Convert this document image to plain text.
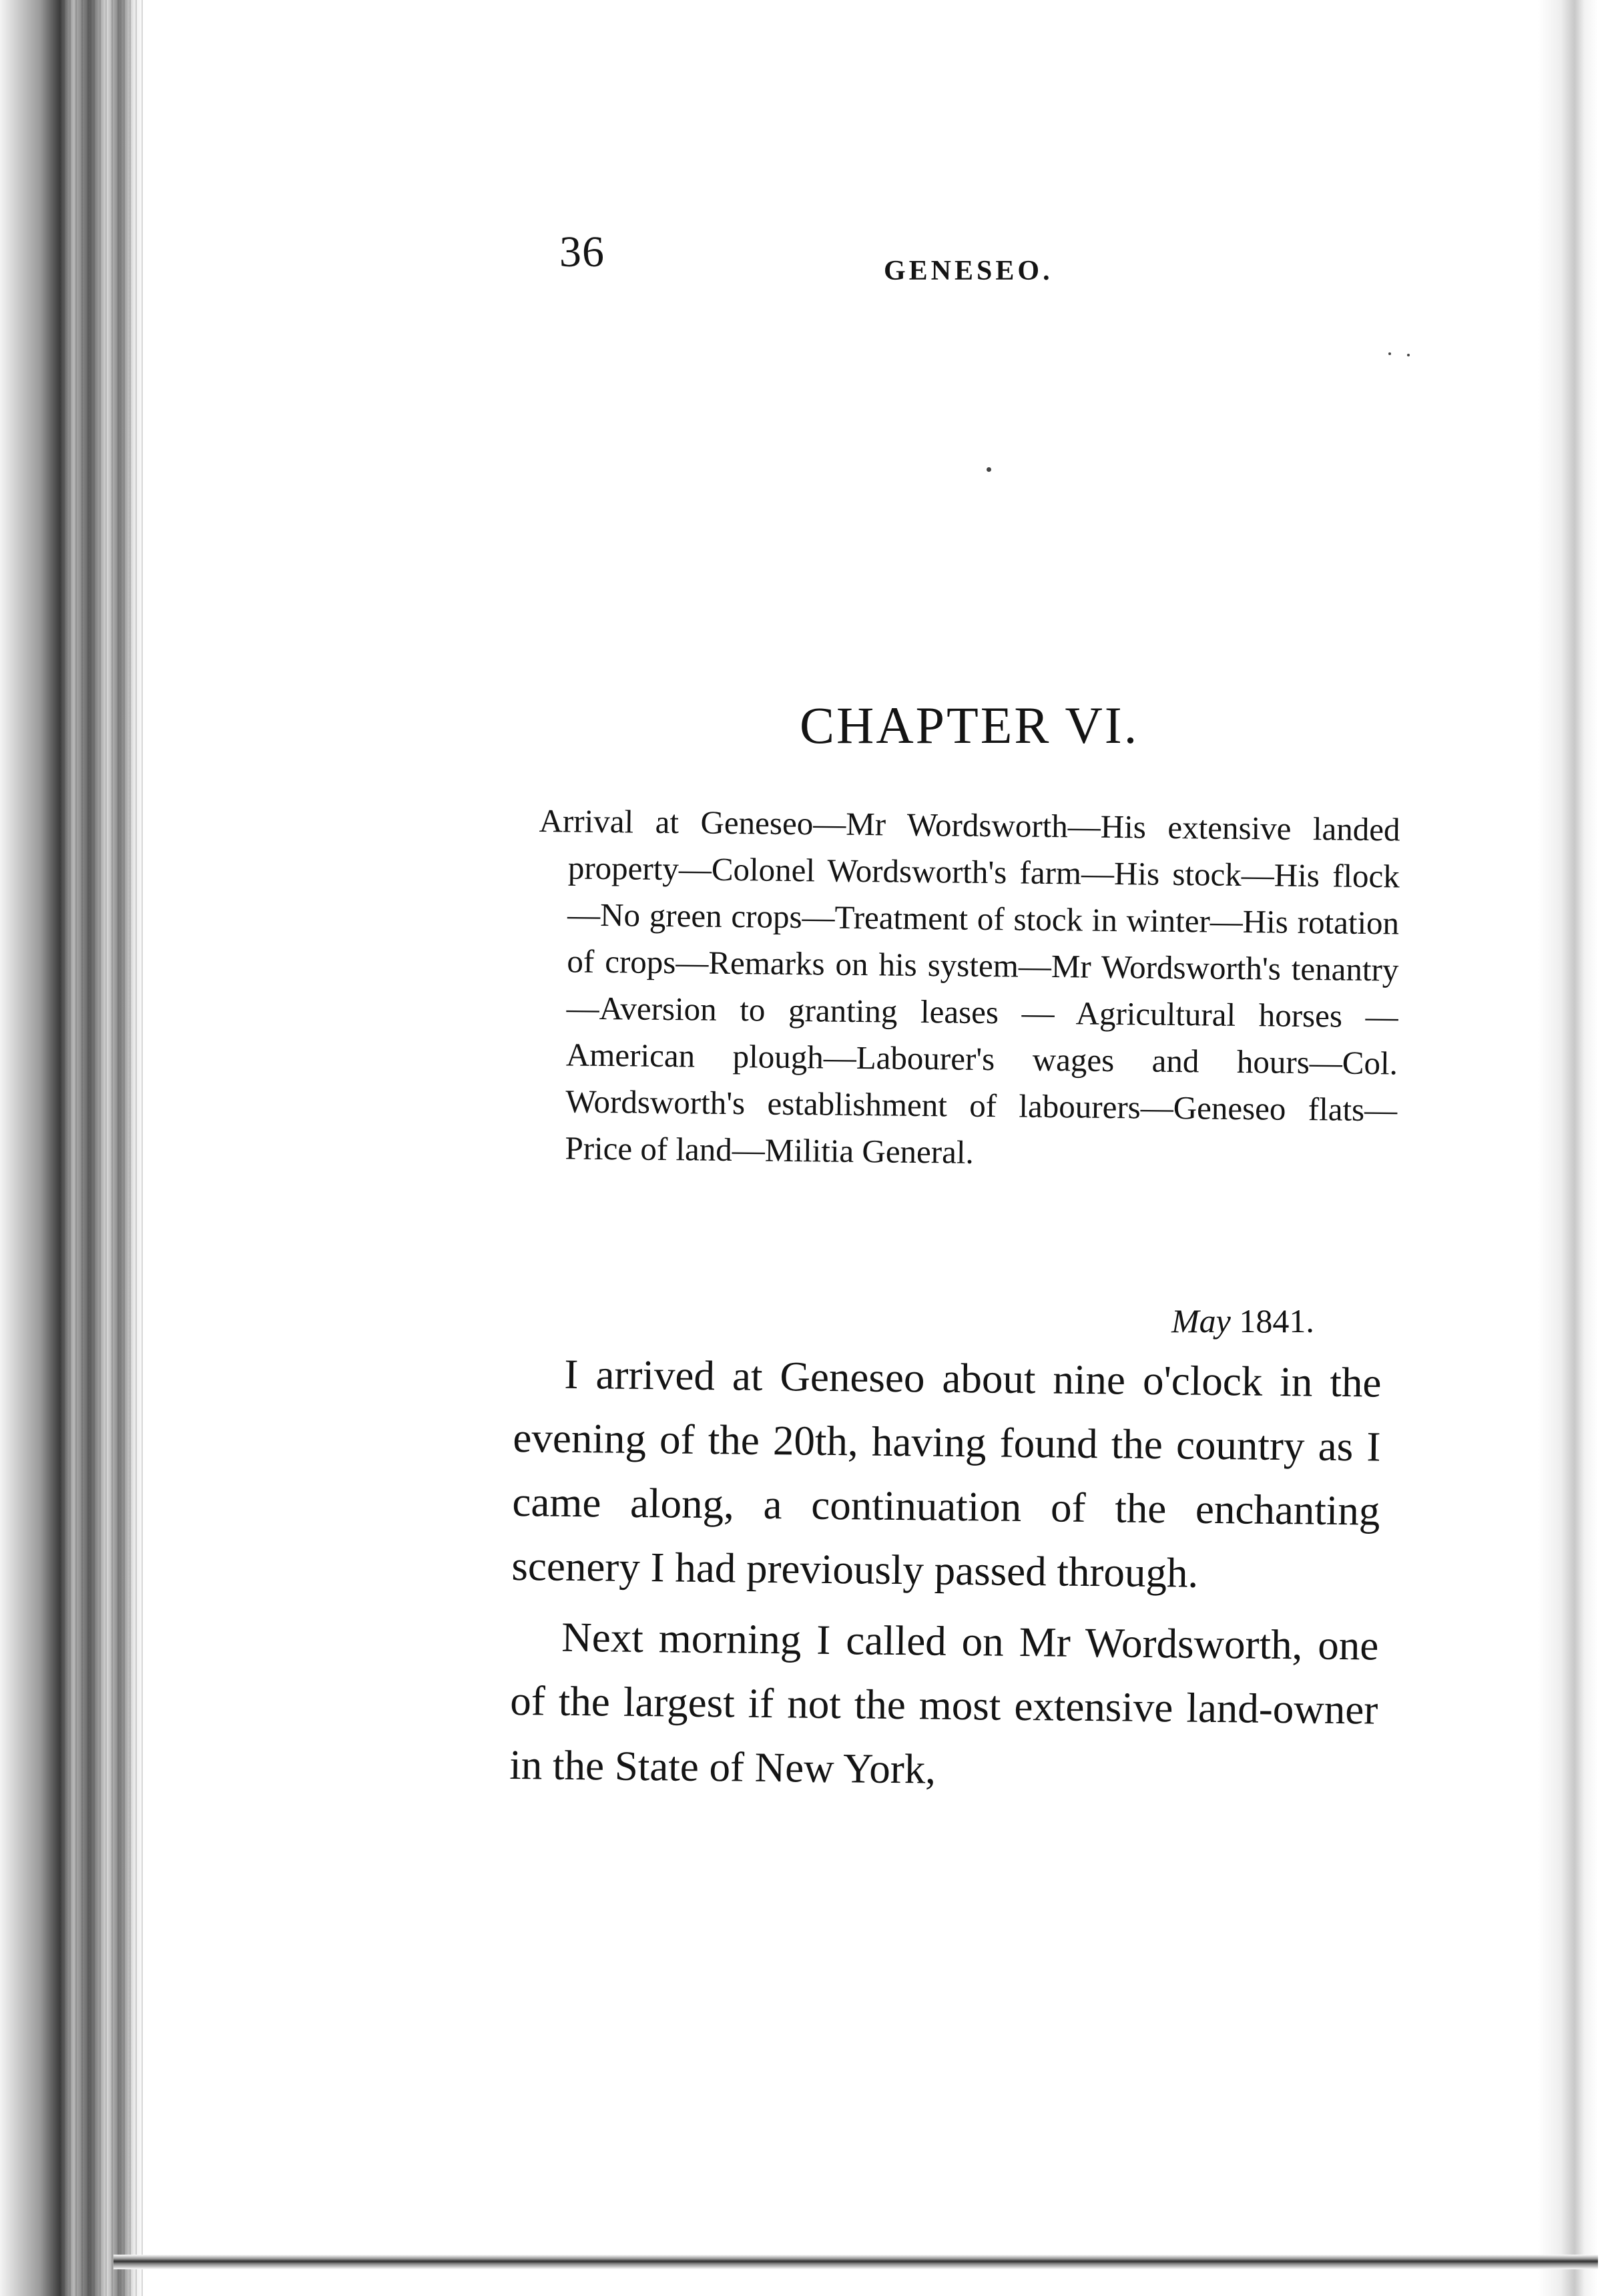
36	GENESEO.
CHAPTER VI.
Arrival at Geneseo—Mr Wordsworth—His extensive landed property—Colonel Wordsworth's farm—His stock—His flock—No green crops—Treatment of stock in winter—His rotation of crops—Remarks on his system—Mr Wordsworth's tenantry—Aversion to granting leases — Agricultural horses — American plough—Labourer's wages and hours—Col. Wordsworth's establishment of labourers—Geneseo flats—Price of land—Militia General.
May 1841.

I arrived at Geneseo about nine o'clock in the evening of the 20th, having found the country as I came along, a continuation of the enchanting scenery I had previously passed through.

Next morning I called on Mr Wordsworth, one of the largest if not the most extensive land-owner in the State of New York,
